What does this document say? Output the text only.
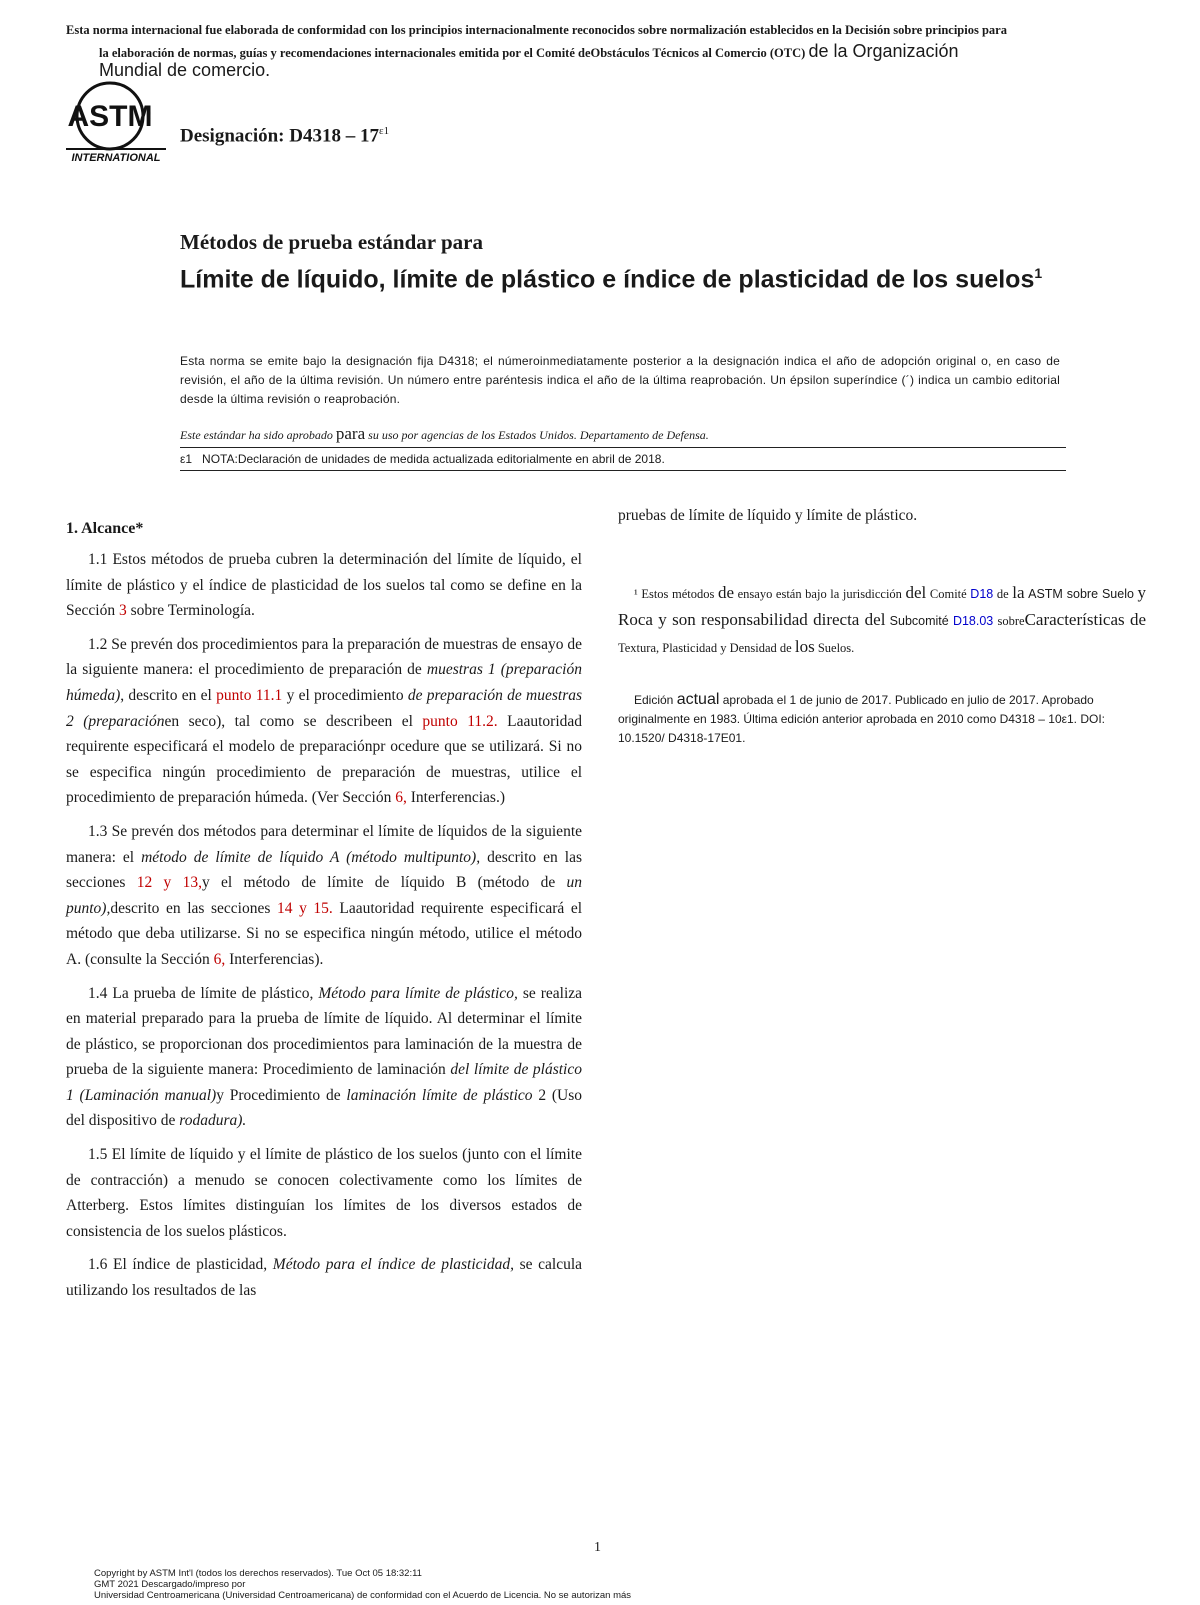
Esta norma internacional fue elaborada de conformidad con los principios internacionalmente reconocidos sobre normalización establecidos en la Decisión sobre principios para
la elaboración de normas, guías y recomendaciones internacionales emitida por el Comité deObstáculos Técnicos al Comercio (OTC) de la Organización
Mundial de comercio.
ASTM
INTERNATIONAL
Designación: $D4318 - 17^{\varepsilon 1}$
Métodos de prueba estándar para
Límite de líquido, límite de plástico e índice de plasticidad de los suelos$^1$
Esta norma se emite bajo la designación fija D4318; el númeroinmediatamente posterior a la designación indica el año de adopción original o, en caso de revisión, el año de la última revisión. Un número entre paréntesis indica el año de la última reaprobación. Un épsilon superíndice (´) indica un cambio editorial desde la última revisión o reaprobación.
Este estándar ha sido aprobado para su uso por agencias de los Estados Unidos. Departamento de Defensa.
ε1 NOTA:Declaración de unidades de medida actualizada editorialmente en abril de 2018.
1. Alcance*

1.1 Estos métodos de prueba cubren la determinación del límite de líquido, el límite de plástico y el índice de plasticidad de los suelos tal como se define en la Sección 3 sobre Terminología.

1.2 Se prevén dos procedimientos para la preparación de muestras de ensayo de la siguiente manera: el procedimiento de preparación de muestras 1 (preparación húmeda), descrito en el punto 11.1 y el procedimiento de preparación de muestras 2 (preparaciónen seco), tal como se describeen el punto 11.2. Laautoridad requirente especificará el modelo de preparaciónpr ocedure que se utilizará. Si no se especifica ningún procedimiento de preparación de muestras, utilice el procedimiento de preparación húmeda. (Ver Sección 6, Interferencias.)

1.3 Se prevén dos métodos para determinar el límite de líquidos de la siguiente manera: el método de límite de líquido A (método multipunto), descrito en las secciones 12 y 13,y el método de límite de líquido B (método de un punto),descrito en las secciones 14 y 15. Laautoridad requirente especificará el método que deba utilizarse. Si no se especifica ningún método, utilice el método A. (consulte la Sección 6, Interferencias).

1.4 La prueba de límite de plástico, Método para límite de plástico, se realiza en material preparado para la prueba de límite de líquido. Al determinar el límite de plástico, se proporcionan dos procedimientos para laminación de la muestra de prueba de la siguiente manera: Procedimiento de laminación del límite de plástico 1 (Laminación manual)y Procedimiento de laminación límite de plástico 2 (Uso del dispositivo de rodadura).

1.5 El límite de líquido y el límite de plástico de los suelos (junto con el límite de contracción) a menudo se conocen colectivamente como los límites de Atterberg. Estos límites distinguían los límites de los diversos estados de consistencia de los suelos plásticos.

1.6 El índice de plasticidad, Método para el índice de plasticidad, se calcula utilizando los resultados de las

pruebas de límite de líquido y límite de plástico.

¹ Estos métodos de ensayo están bajo la jurisdicción del Comité D18 de la ASTM sobre Suelo y Roca y son responsabilidad directa del Subcomité D18.03 sobreCaracterísticas de Textura, Plasticidad y Densidad de los Suelos.

Edición actual aprobada el 1 de junio de 2017. Publicado en julio de 2017. Aprobado originalmente en 1983. Última edición anterior aprobada en 2010 como D4318 – 10ε1. DOI: 10.1520/ D4318-17E01.
1
Copyright by ASTM Int'l (todos los derechos reservados). Tue Oct 05 18:32:11
GMT 2021 Descargado/impreso por
Universidad Centroamericana (Universidad Centroamericana) de conformidad con el Acuerdo de Licencia. No se autorizan más
